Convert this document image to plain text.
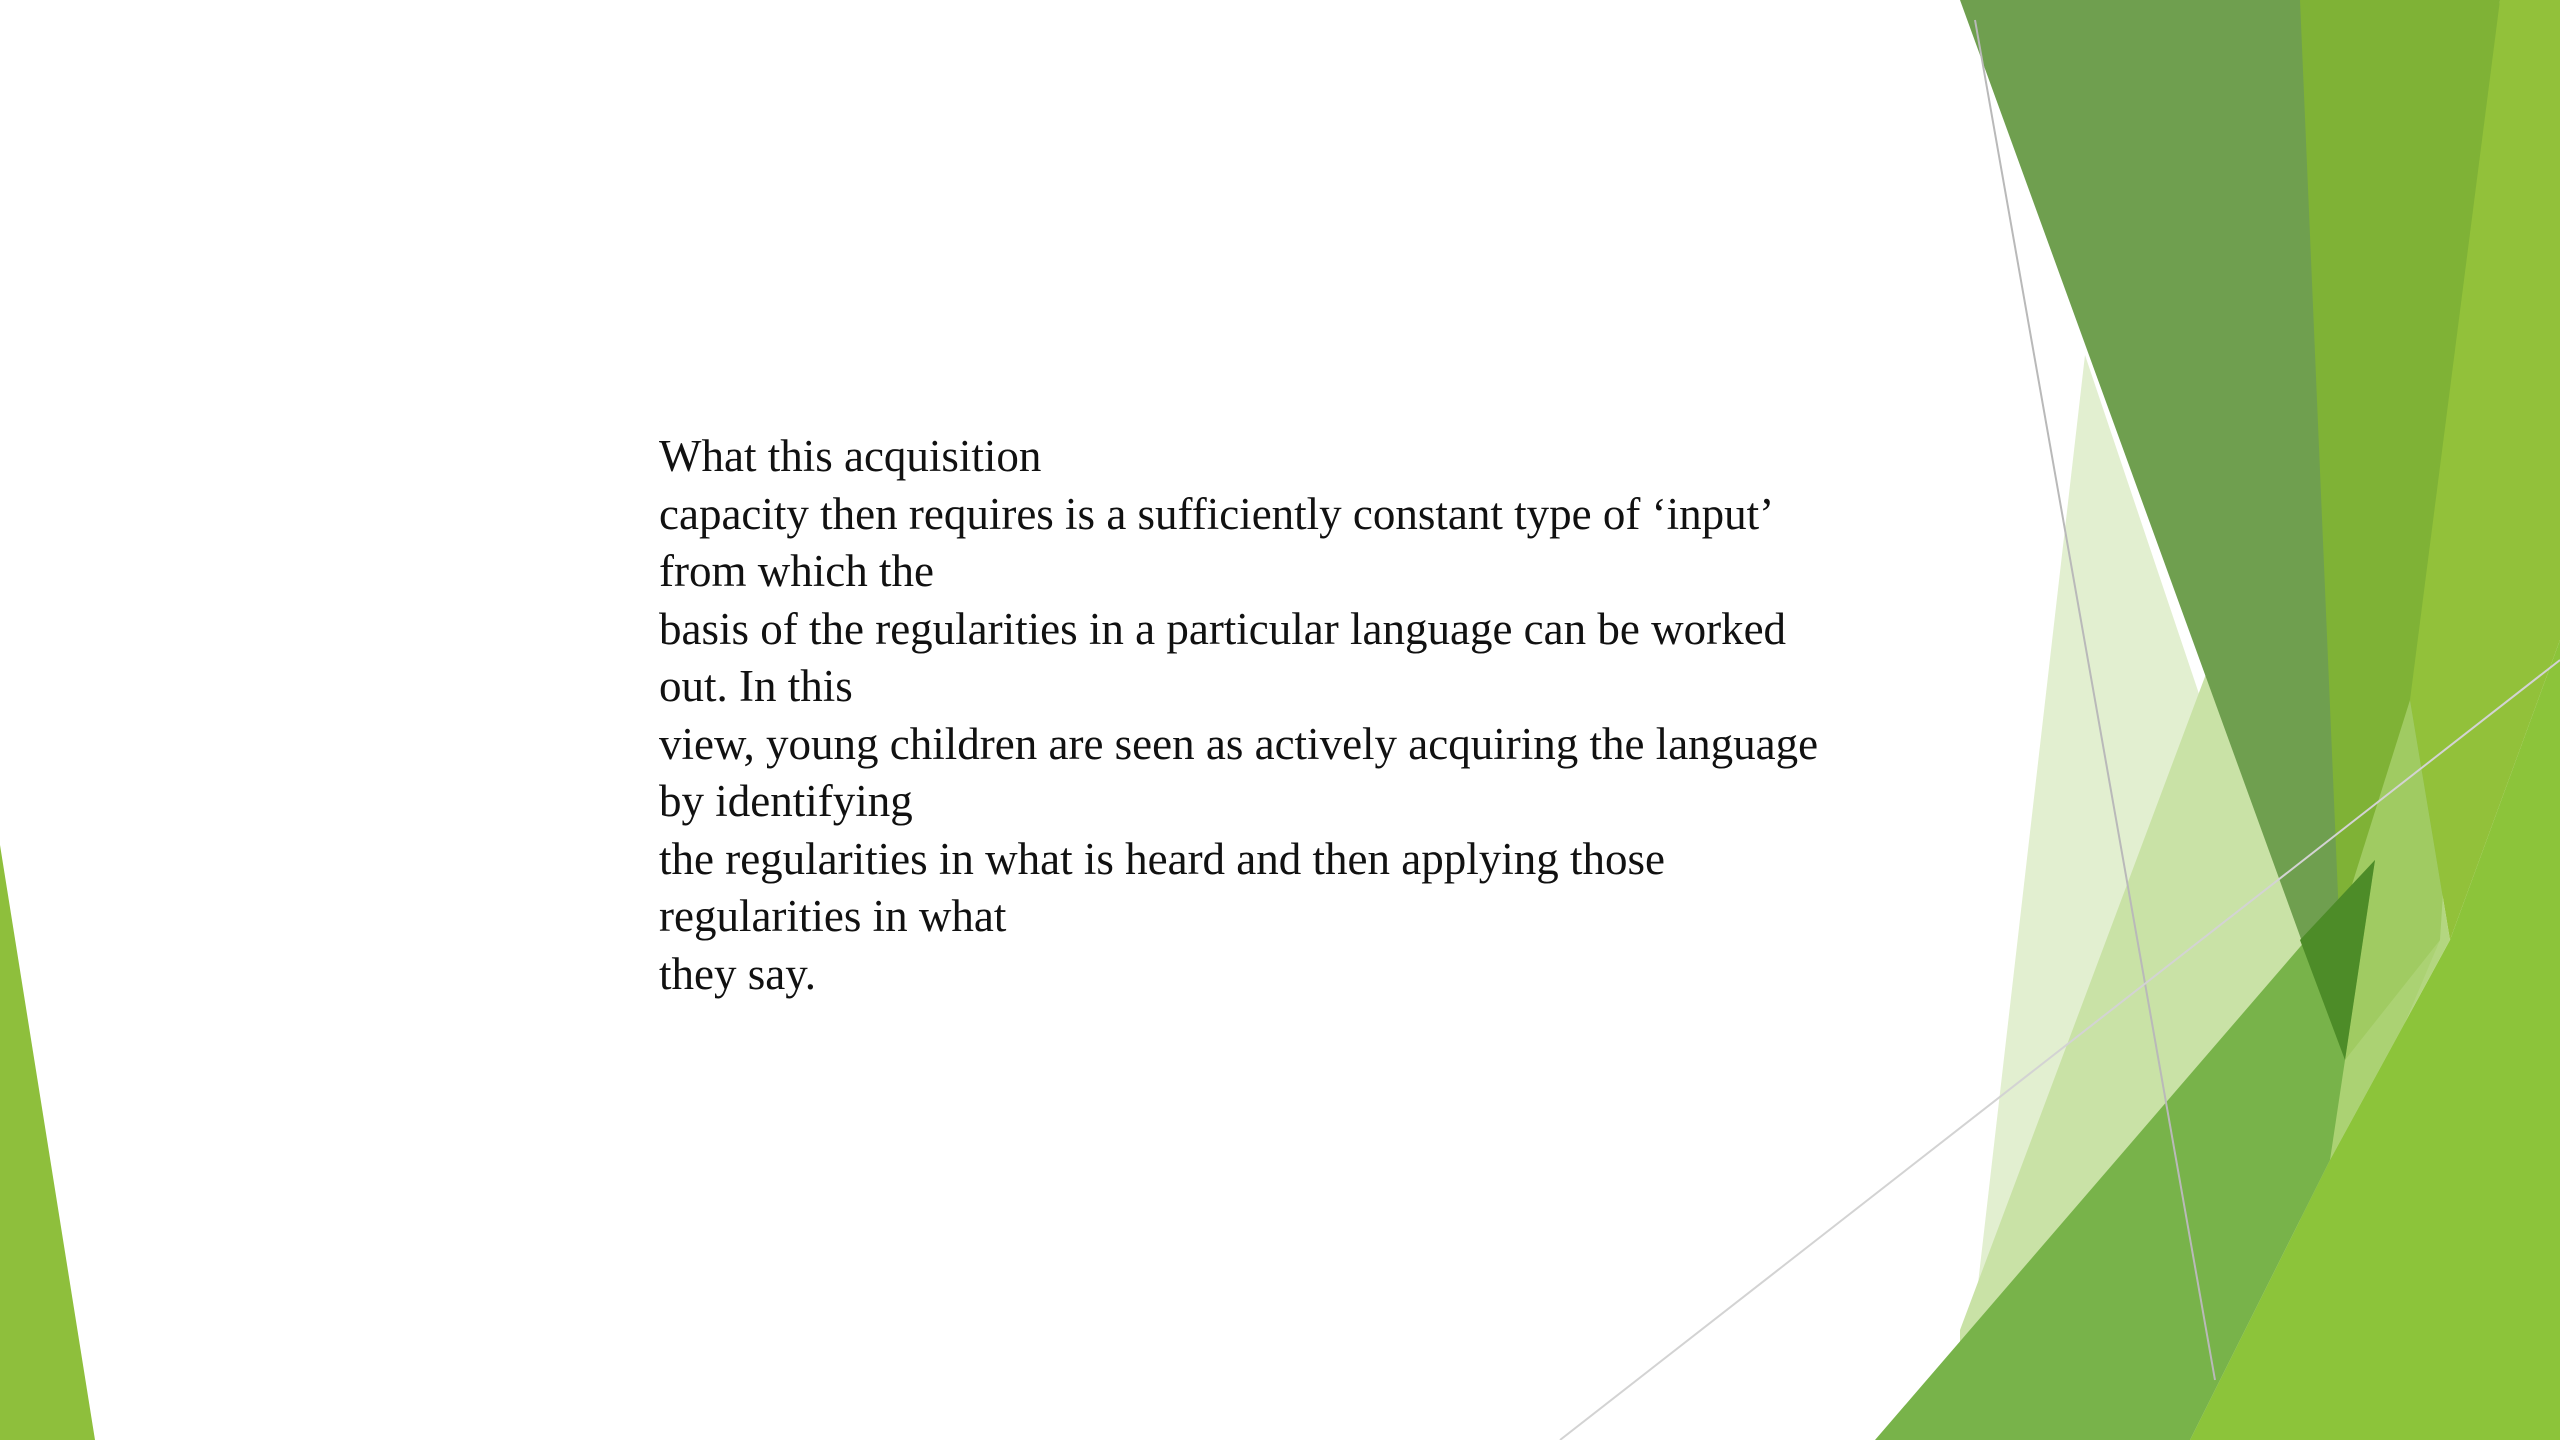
What this acquisition
capacity then requires is a sufficiently constant type of ‘input’
from which the
basis of the regularities in a particular language can be worked
out. In this
view, young children are seen as actively acquiring the language
by identifying
the regularities in what is heard and then applying those
regularities in what
they say.
